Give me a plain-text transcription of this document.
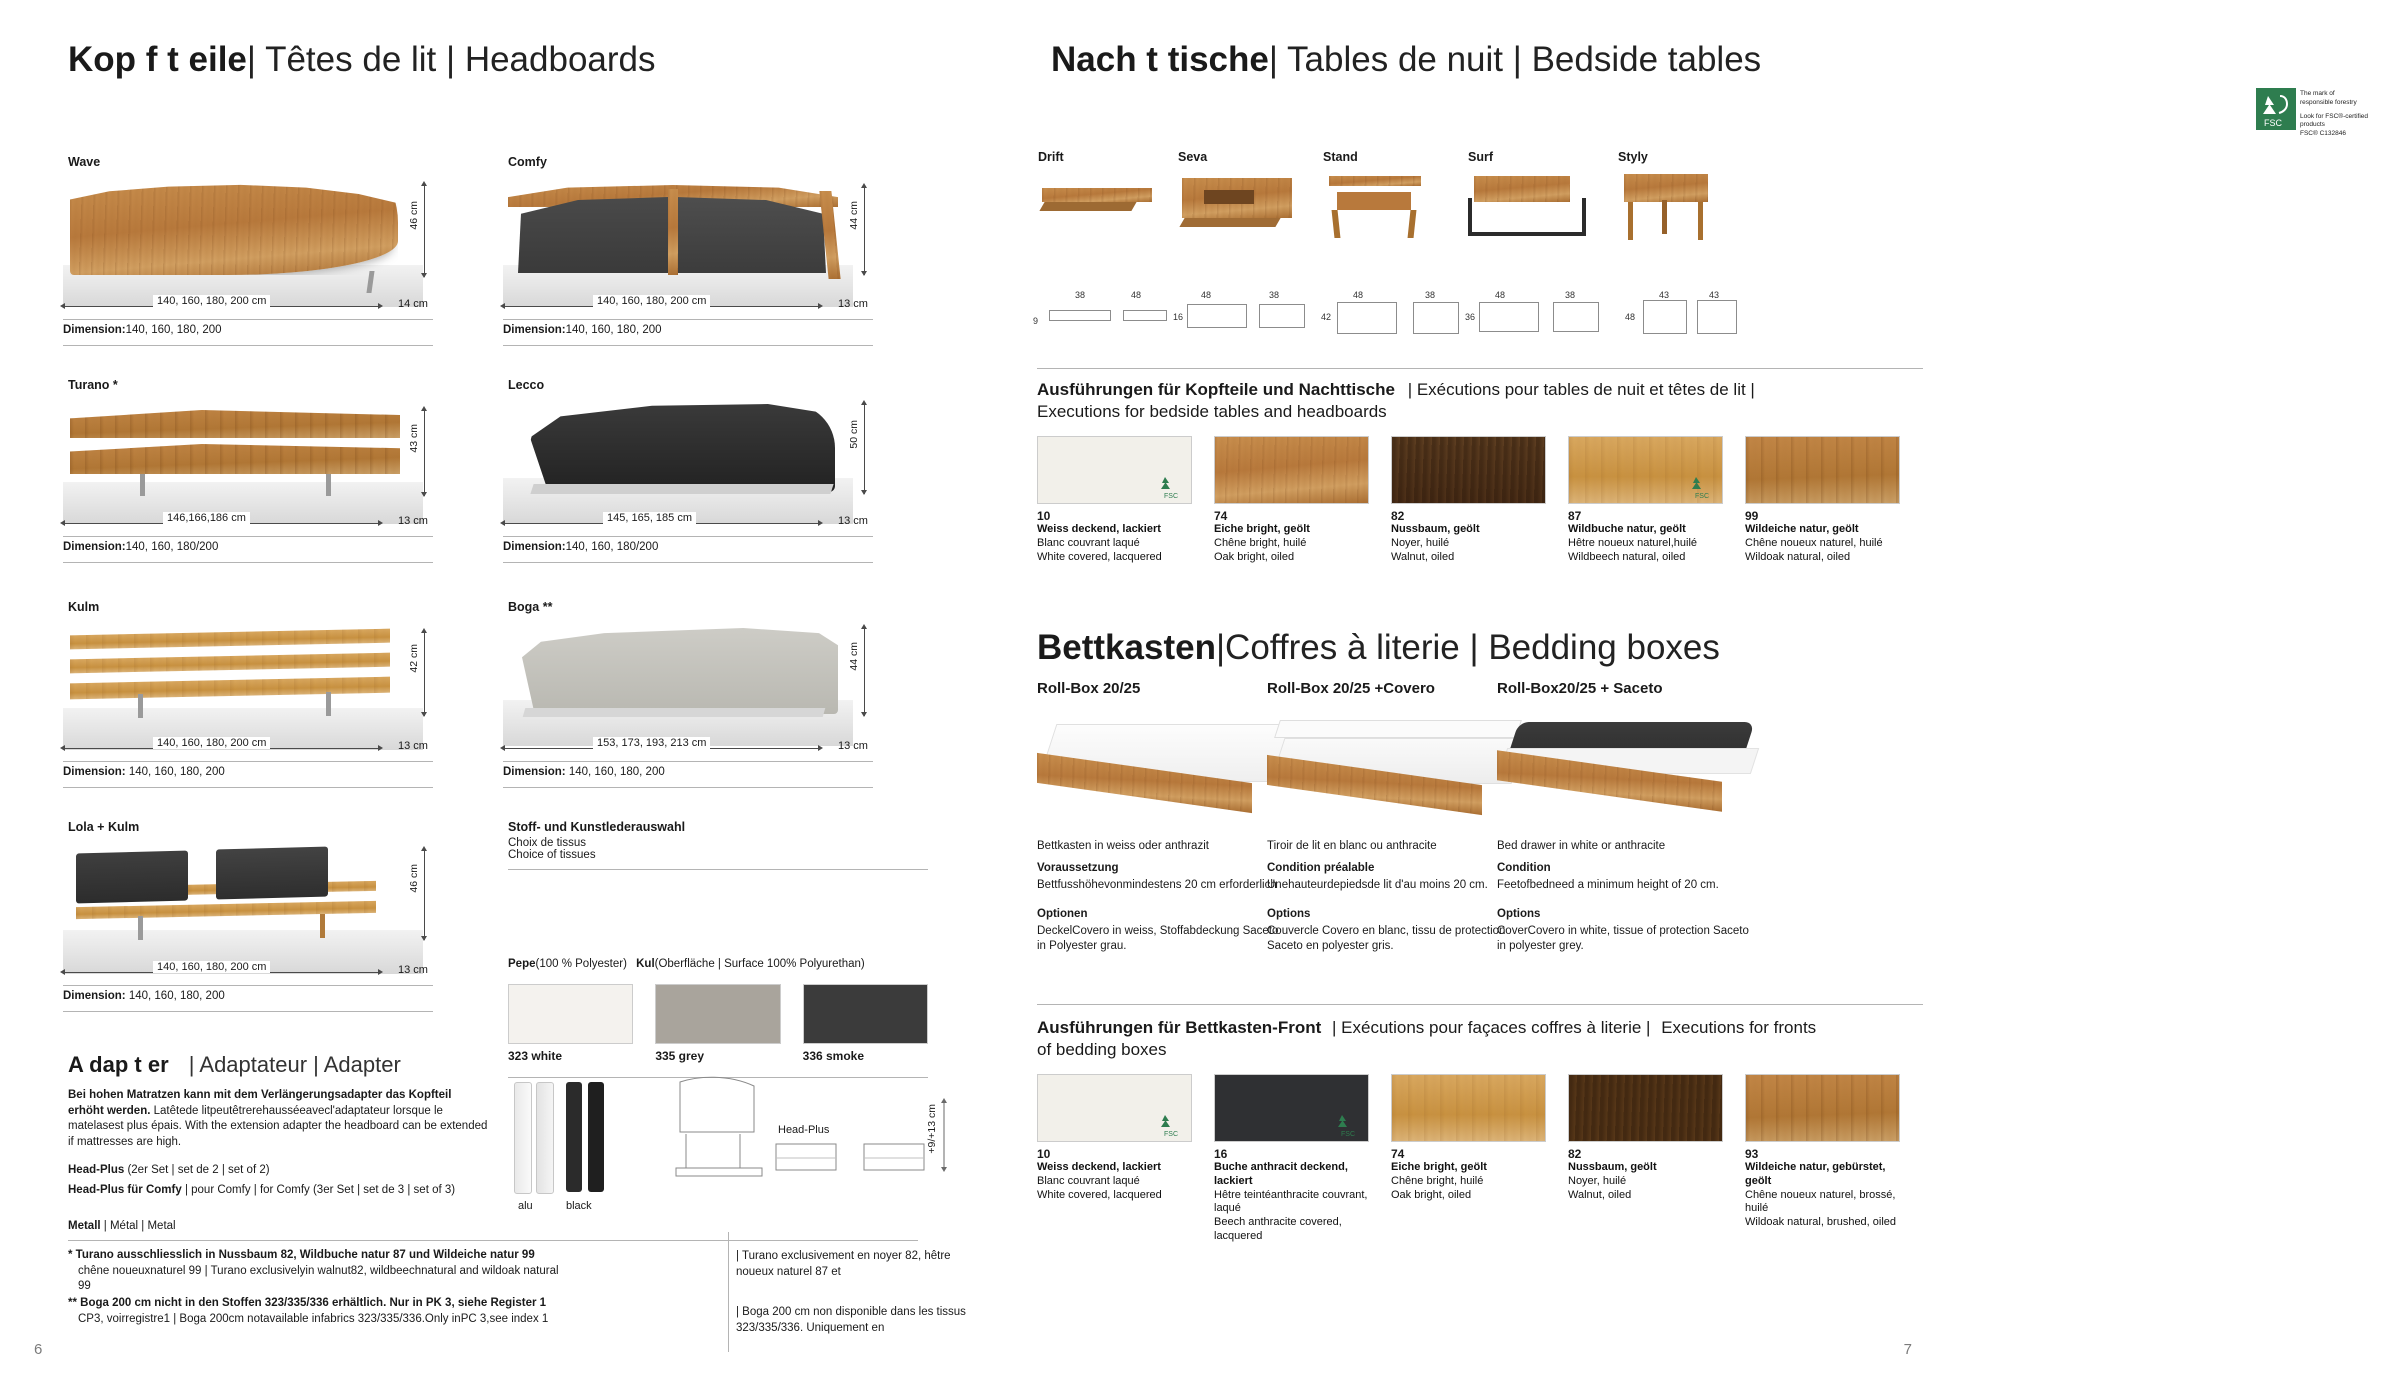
Kop f t eile| Têtes de lit | Headboards
Wave
46 cm
140, 160, 180, 200 cm	14 cm
Dimension:140, 160, 180, 200
Comfy
44 cm
140, 160, 180, 200 cm	13 cm
Dimension:140, 160, 180, 200
Turano *
43 cm
146,166,186 cm	13 cm
Dimension:140, 160, 180/200
Lecco
50 cm
145, 165, 185 cm	13 cm
Dimension:140, 160, 180/200
Kulm
42 cm
140, 160, 180, 200 cm	13 cm
Dimension: 140, 160, 180, 200
Boga **
44 cm
153, 173, 193, 213 cm	13 cm
Dimension: 140, 160, 180, 200
Lola + Kulm
46 cm
140, 160, 180, 200 cm	13 cm
Dimension: 140, 160, 180, 200
Stoff- und Kunstlederauswahl
Choix de tissus
Choice of tissues
Pepe(100 % Polyester) Kul(Oberfläche | Surface 100% Polyurethan)
323 white	335 grey	336 smoke
A dap t er | Adaptateur | Adapter
Bei hohen Matratzen kann mit dem Verlängerungsadapter das Kopfteil erhöht werden. Latêtede litpeutêtrerehausséeavecl'adaptateur lorsque le matelasest plus épais. With the extension adapter the headboard can be extended if mattresses are high.
Head-Plus (2er Set | set de 2 | set of 2)
Head-Plus für Comfy | pour Comfy | for Comfy (3er Set | set de 3 | set of 3)
Metall | Métal | Metal
alu	black
Head-Plus	+9/+13 cm
* Turano ausschliesslich in Nussbaum 82, Wildbuche natur 87 und Wildeiche natur 99
chêne noueuxnaturel 99 | Turano exclusivelyin walnut82, wildbeechnatural and wildoak natural 99
** Boga 200 cm nicht in den Stoffen 323/335/336 erhältlich. Nur in PK 3, siehe Register 1
CP3, voirregistre1 | Boga 200cm notavailable infabrics 323/335/336.Only inPC 3,see index 1
| Turano exclusivement en noyer 82, hêtre noueux naturel 87 et
| Boga 200 cm non disponible dans les tissus 323/335/336. Uniquement en
6
Nach t tische| Tables de nuit | Bedside tables
FSC
The mark of
responsible forestry
Look for FSC®-certified products
FSC® C132846
Drift	Seva	Stand	Surf	Styly
38	48
9
48	38
16
48	38
42
48	38
36
43	43
48
Ausführungen für Kopfteile und Nachttische | Exécutions pour tables de nuit et têtes de lit |
Executions for bedside tables and headboards
FSC
10
Weiss deckend, lackiert
Blanc couvrant laqué
White covered, lacquered
74
Eiche bright, geölt
Chêne bright, huilé
Oak bright, oiled
82
Nussbaum, geölt
Noyer, huilé
Walnut, oiled
FSC
87
Wildbuche natur, geölt
Hêtre noueux naturel,huilé
Wildbeech natural, oiled
99
Wildeiche natur, geölt
Chêne noueux naturel, huilé
Wildoak natural, oiled
Bettkasten|Coffres à literie | Bedding boxes
Roll-Box 20/25
Bettkasten in weiss oder anthrazit
Voraussetzung
Bettfusshöhevonmindestens 20 cm erforderlich
Optionen
DeckelCovero in weiss, Stoffabdeckung Saceto in Polyester grau.
Roll-Box 20/25 +Covero
Tiroir de lit en blanc ou anthracite
Condition préalable
Unehauteurdepiedsde lit d'au moins 20 cm.
Options
Couvercle Covero en blanc, tissu de protection Saceto en polyester gris.
Roll-Box20/25 + Saceto
Bed drawer in white or anthracite
Condition
Feetofbedneed a minimum height of 20 cm.
Options
CoverCovero in white, tissue of protection Saceto in polyester grey.
Ausführungen für Bettkasten-Front | Exécutions pour façaces coffres à literie | Executions for fronts
of bedding boxes
FSC
10
Weiss deckend, lackiert
Blanc couvrant laqué
White covered, lacquered
FSC
16
Buche anthracit deckend, lackiert
Hêtre teintéanthracite couvrant, laqué
Beech anthracite covered, lacquered
74
Eiche bright, geölt
Chêne bright, huilé
Oak bright, oiled
82
Nussbaum, geölt
Noyer, huilé
Walnut, oiled
93
Wildeiche natur, gebürstet, geölt
Chêne noueux naturel, brossé, huilé
Wildoak natural, brushed, oiled
7
